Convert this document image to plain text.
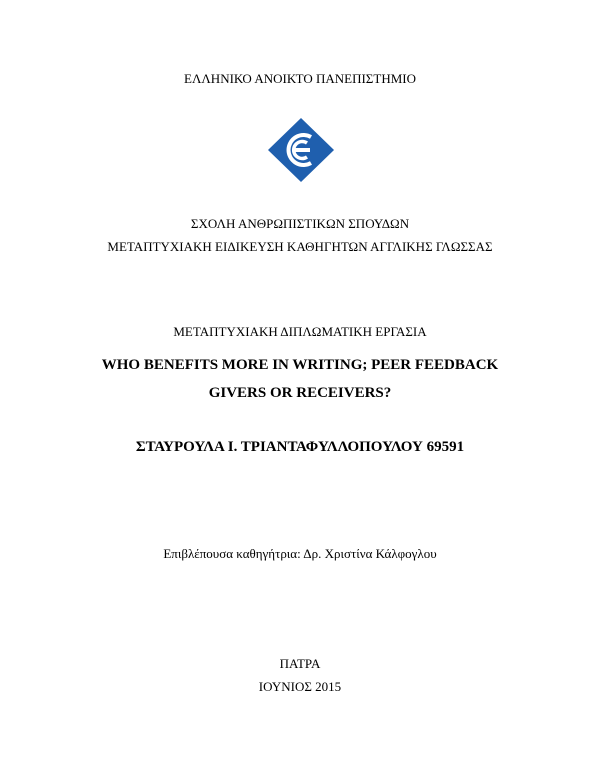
ΕΛΛΗΝΙΚΟ ΑΝΟΙΚΤΟ ΠΑΝΕΠΙΣΤΗΜΙΟ
ΣΧΟΛΗ ΑΝΘΡΩΠΙΣΤΙΚΩΝ ΣΠΟΥΔΩΝ
ΜΕΤΑΠΤΥΧΙΑΚΗ ΕΙΔΙΚΕΥΣΗ ΚΑΘΗΓΗΤΩΝ ΑΓΓΛΙΚΗΣ ΓΛΩΣΣΑΣ
ΜΕΤΑΠΤΥΧΙΑΚΗ ΔΙΠΛΩΜΑΤΙΚΗ ΕΡΓΑΣΙΑ
WHO BENEFITS MORE IN WRITING; PEER FEEDBACK
GIVERS OR RECEIVERS?
ΣΤΑΥΡΟΥΛΑ Ι. ΤΡΙΑΝΤΑΦΥΛΛΟΠΟΥΛΟΥ 69591
Επιβλέπουσα καθηγήτρια: Δρ. Χριστίνα Κάλφογλου
ΠΑΤΡΑ
ΙΟΥΝΙΟΣ 2015
